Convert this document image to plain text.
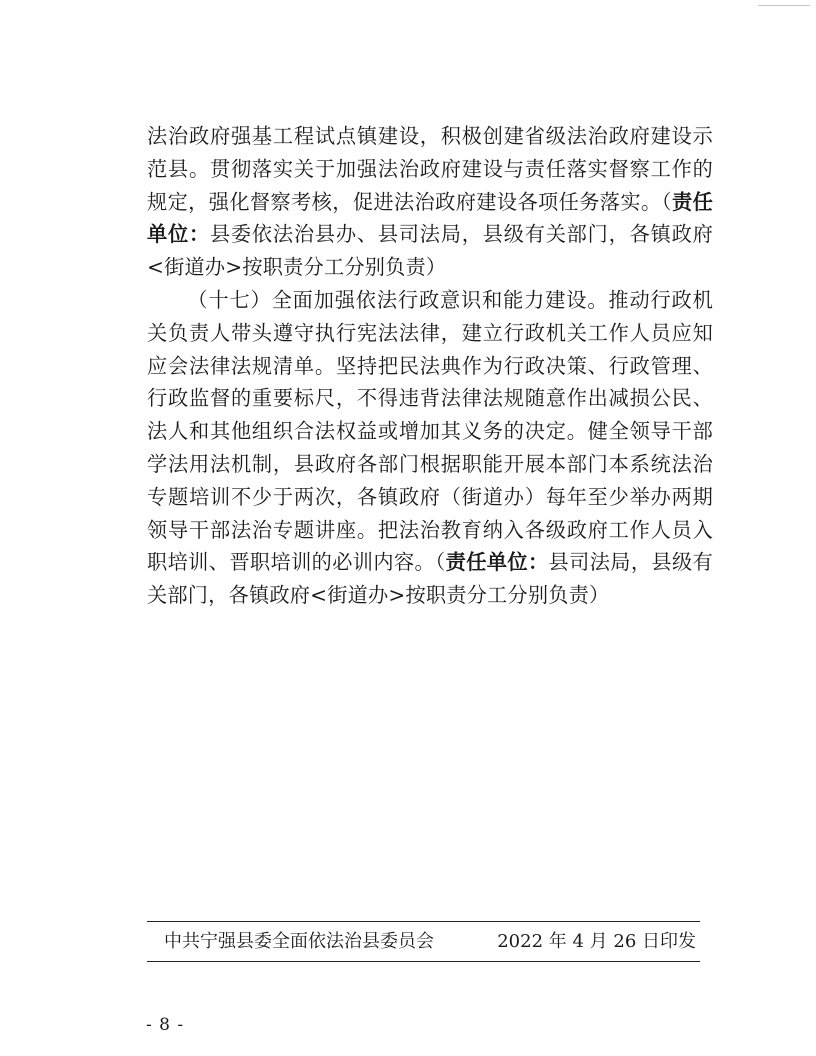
法治政府强基工程试点镇建设，积极创建省级法治政府建设示范县。贯彻落实关于加强法治政府建设与责任落实督察工作的规定，强化督察考核，促进法治政府建设各项任务落实。（责任单位：县委依法治县办、县司法局，县级有关部门，各镇政府<街道办>按职责分工分别负责）

（十七）全面加强依法行政意识和能力建设。推动行政机关负责人带头遵守执行宪法法律，建立行政机关工作人员应知应会法律法规清单。坚持把民法典作为行政决策、行政管理、行政监督的重要标尺，不得违背法律法规随意作出减损公民、法人和其他组织合法权益或增加其义务的决定。健全领导干部学法用法机制，县政府各部门根据职能开展本部门本系统法治专题培训不少于两次，各镇政府（街道办）每年至少举办两期领导干部法治专题讲座。把法治教育纳入各级政府工作人员入职培训、晋职培训的必训内容。（责任单位：县司法局，县级有关部门，各镇政府<街道办>按职责分工分别负责）

中共宁强县委全面依法治县委员会	2022 年 4 月 26 日印发
- 8 -
